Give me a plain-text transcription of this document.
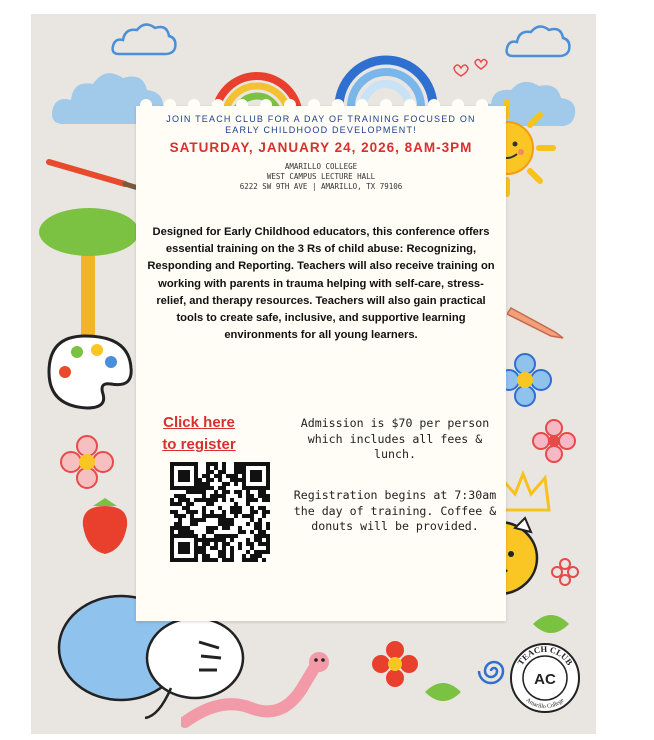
JOIN TEACH CLUB FOR A DAY OF TRAINING FOCUSED ON
EARLY CHILDHOOD DEVELOPMENT!
SATURDAY, JANUARY 24, 2026, 8AM-3PM
AMARILLO COLLEGE
WEST CAMPUS LECTURE HALL
6222 SW 9TH AVE | AMARILLO, TX 79106
Designed for Early Childhood educators, this conference offers essential training on the 3 Rs of child abuse: Recognizing, Responding and Reporting. Teachers will also receive training on working with parents in trauma helping with self-care, stress-relief, and therapy resources. Teachers will also gain practical tools to create safe, inclusive, and supportive learning environments for all young learners.
Click here
to register
Admission is $70 per person which includes all fees & lunch.
Registration begins at 7:30am the day of training. Coffee & donuts will be provided.
TEACH CLUB
Amarillo College
AC
